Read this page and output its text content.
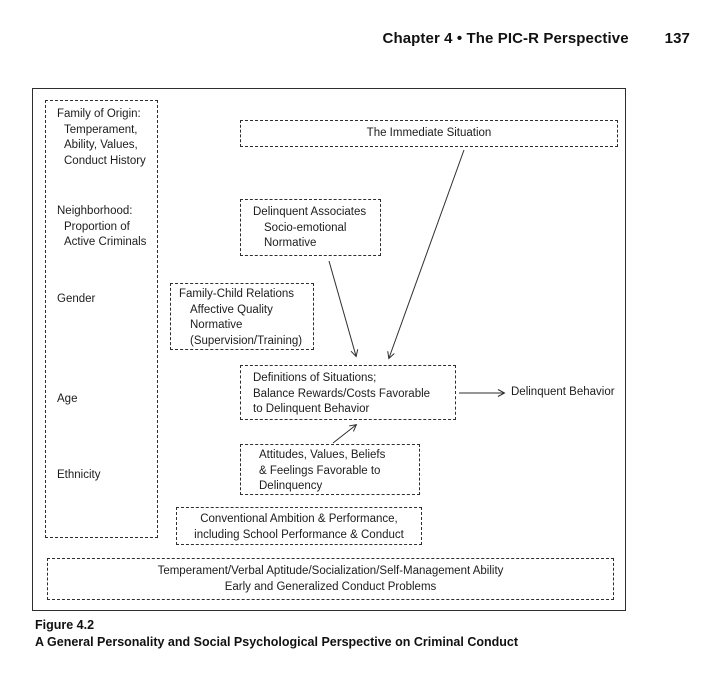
Chapter 4 • The PIC-R Perspective 137
Family of Origin:
Temperament,
Ability, Values,
Conduct History
Neighborhood:
Proportion of
Active Criminals
Gender
Age
Ethnicity
The Immediate Situation
Delinquent Associates
Socio-emotional
Normative
Family-Child Relations
Affective Quality
Normative
(Supervision/Training)
Definitions of Situations;
Balance Rewards/Costs Favorable
to Delinquent Behavior
Delinquent Behavior
Attitudes, Values, Beliefs
& Feelings Favorable to
Delinquency
Conventional Ambition & Performance,
including School Performance & Conduct
Temperament/Verbal Aptitude/Socialization/Self-Management Ability
Early and Generalized Conduct Problems
Figure 4.2
A General Personality and Social Psychological Perspective on Criminal Conduct
